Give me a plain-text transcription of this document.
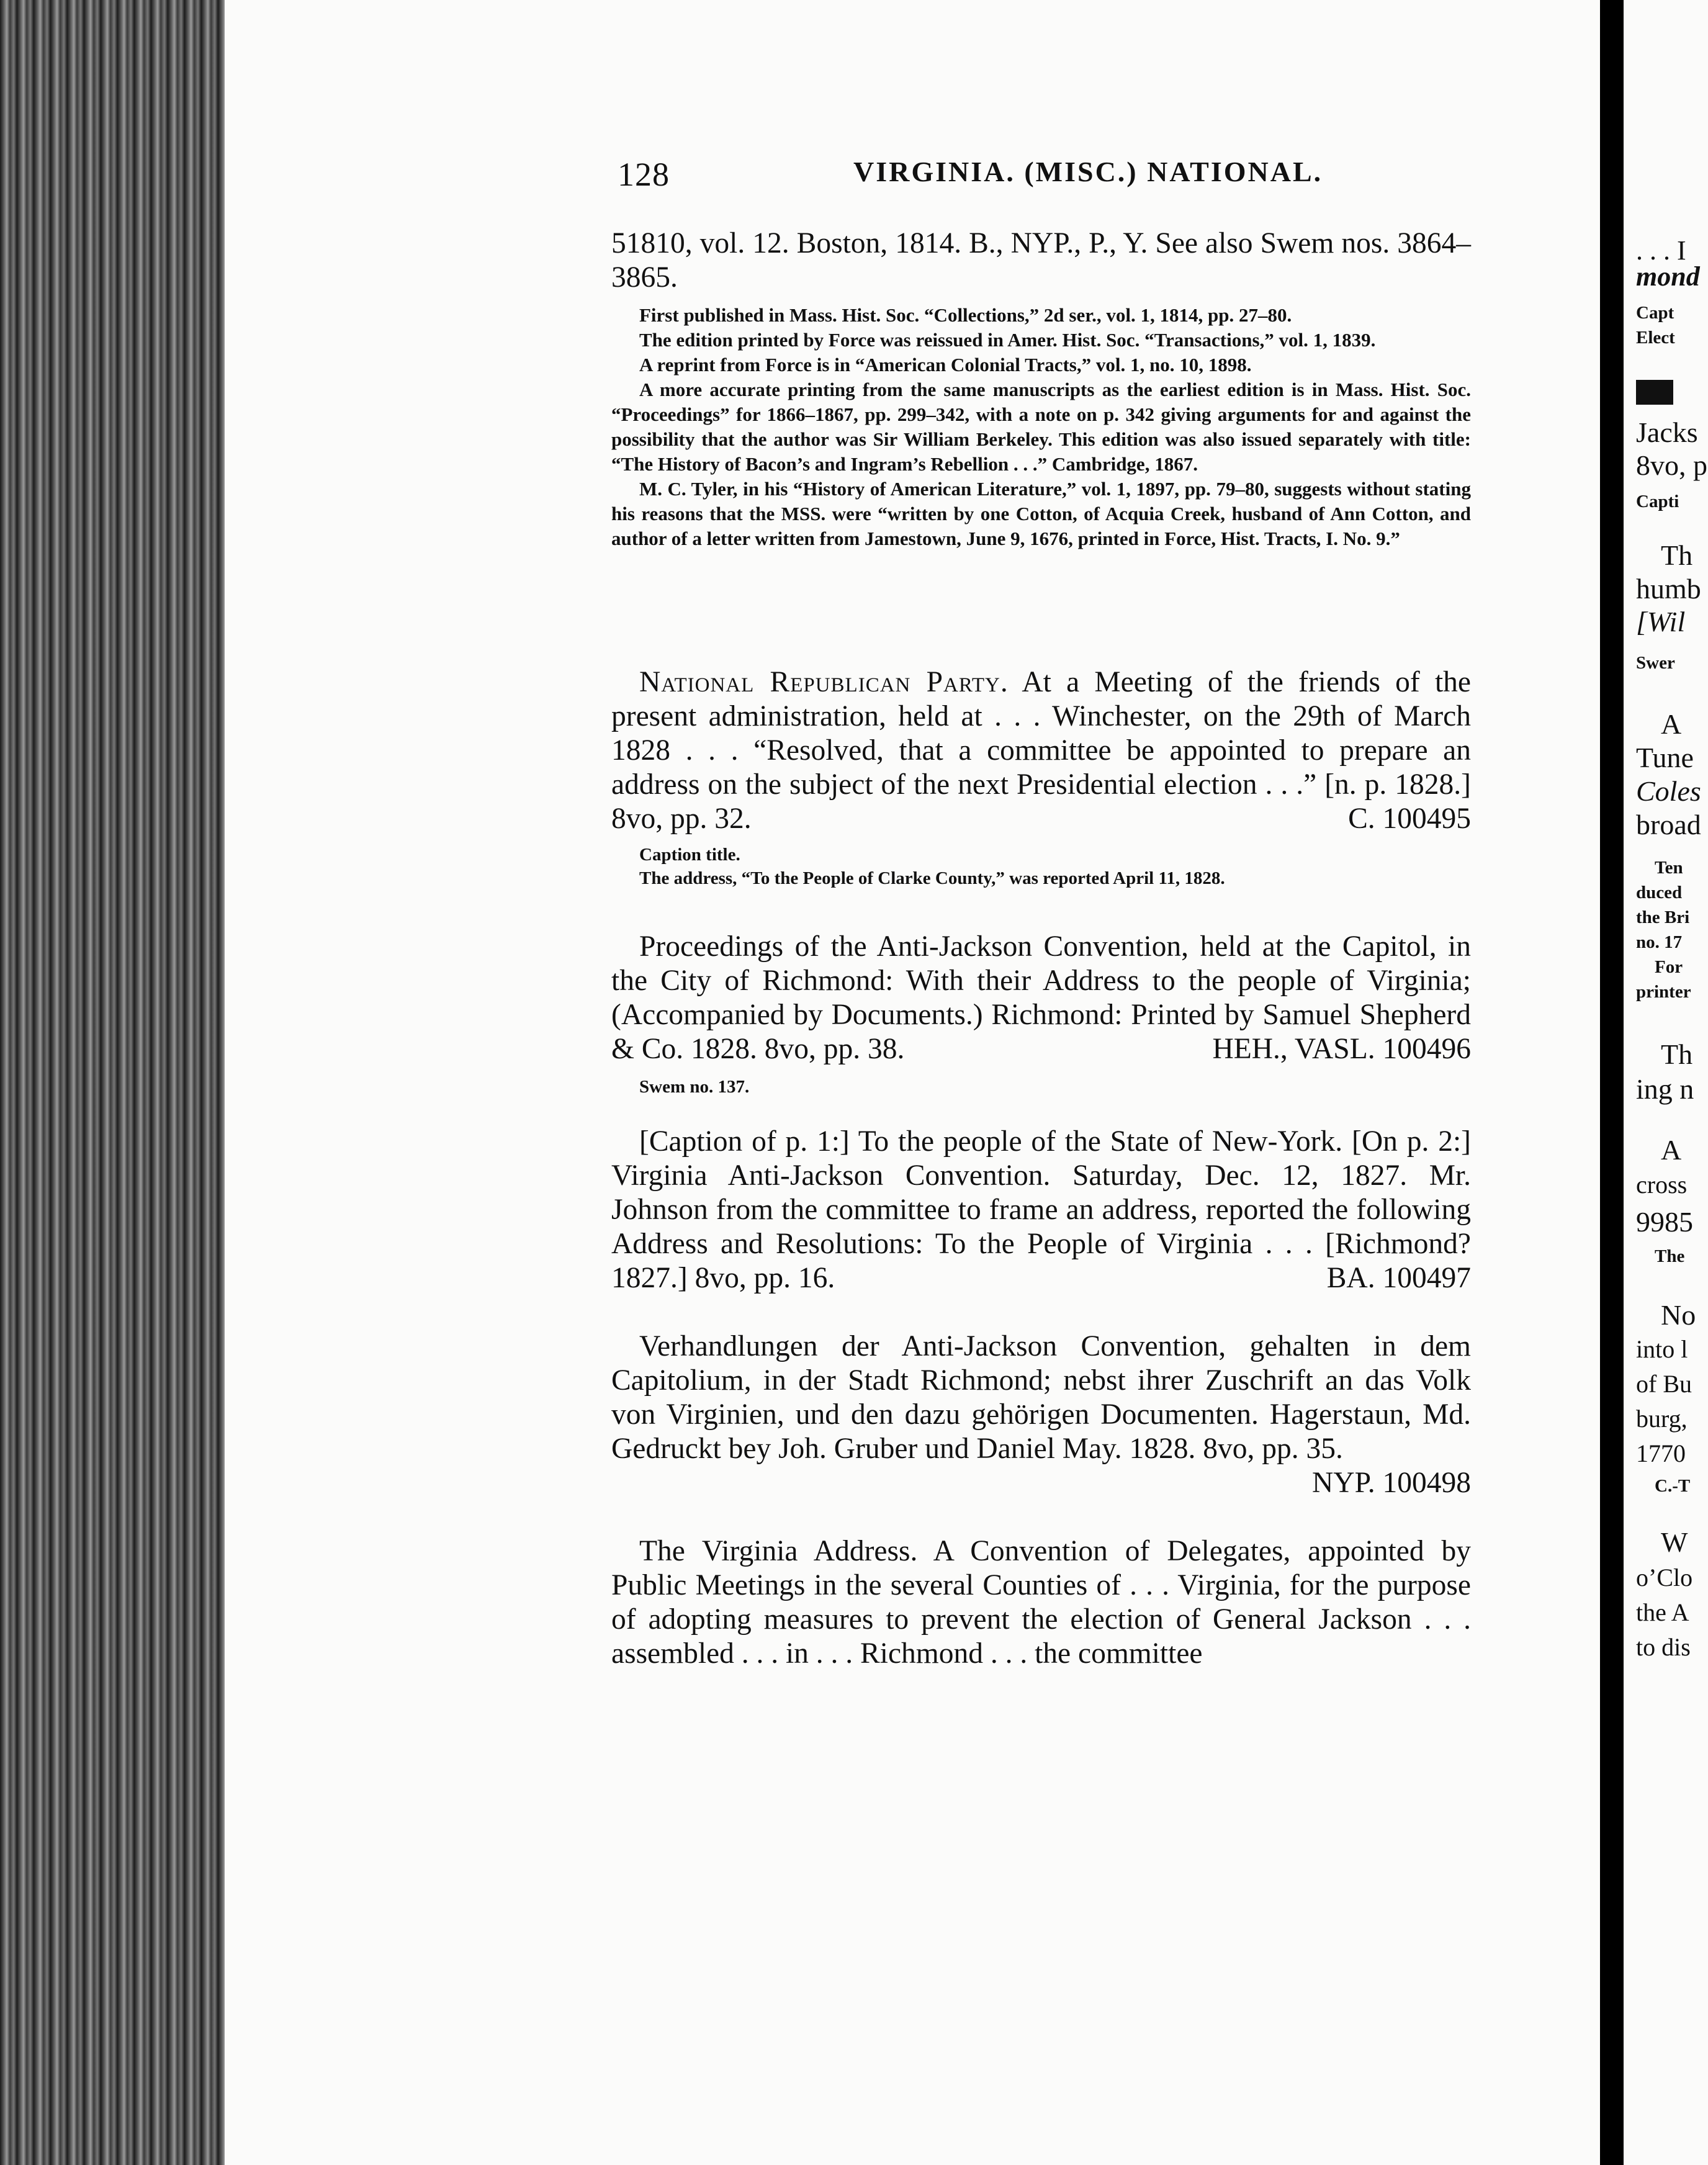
128	VIRGINIA. (MISC.) NATIONAL.

51810, vol. 12. Boston, 1814. B., NYP., P., Y. See also Swem nos. 3864–3865.

First published in Mass. Hist. Soc. “Collections,” 2d ser., vol. 1, 1814, pp. 27–80.

The edition printed by Force was reissued in Amer. Hist. Soc. “Transactions,” vol. 1, 1839.

A reprint from Force is in “American Colonial Tracts,” vol. 1, no. 10, 1898.

A more accurate printing from the same manuscripts as the earliest edition is in Mass. Hist. Soc. “Proceedings” for 1866–1867, pp. 299–342, with a note on p. 342 giving arguments for and against the possibility that the author was Sir William Berkeley. This edition was also issued separately with title: “The History of Bacon’s and Ingram’s Rebellion . . .” Cambridge, 1867.

M. C. Tyler, in his “History of American Literature,” vol. 1, 1897, pp. 79–80, suggests without stating his reasons that the MSS. were “written by one Cotton, of Acquia Creek, husband of Ann Cotton, and author of a letter written from Jamestown, June 9, 1676, printed in Force, Hist. Tracts, I. No. 9.”

National Republican Party. At a Meeting of the friends of the present administration, held at . . . Winchester, on the 29th of March 1828 . . . “Resolved, that a committee be appointed to prepare an address on the subject of the next Presidential election . . .” [n. p. 1828.] 8vo, pp. 32.	C. 100495

Caption title.

The address, “To the People of Clarke County,” was reported April 11, 1828.

Proceedings of the Anti-Jackson Convention, held at the Capitol, in the City of Richmond: With their Address to the people of Virginia; (Accompanied by Documents.) Richmond: Printed by Samuel Shepherd & Co. 1828. 8vo, pp. 38.	HEH., VASL. 100496

Swem no. 137.

[Caption of p. 1:] To the people of the State of New-York. [On p. 2:] Virginia Anti-Jackson Convention. Saturday, Dec. 12, 1827. Mr. Johnson from the committee to frame an address, reported the following Address and Resolutions: To the People of Virginia . . . [Richmond? 1827.] 8vo, pp. 16.	BA. 100497

Verhandlungen der Anti-Jackson Convention, gehalten in dem Capitolium, in der Stadt Richmond; nebst ihrer Zuschrift an das Volk von Virginien, und den dazu gehörigen Documenten. Hagerstaun, Md. Gedruckt bey Joh. Gruber und Daniel May. 1828. 8vo, pp. 35.
NYP. 100498

The Virginia Address. A Convention of Delegates, appointed by Public Meetings in the several Counties of . . . Virginia, for the purpose of adopting measures to prevent the election of General Jackson . . . assembled . . . in . . . Richmond . . . the committee

. . . I
mond
Capt
Elect
Jacks
8vo, p
Capti
Th
humb
[Wil
Swer
A
Tune
Coles
broad
Ten
duced
the Bri
no. 17
For
printer
Th
ing n
A
cross
9985
The
No
into l
of Bu
burg,
1770
C.-T
W
o’Clo
the A
to dis
